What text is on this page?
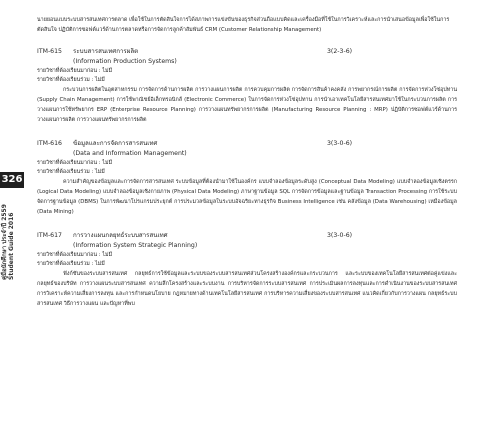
326
คู่มือนักศึกษา ประจำปี 2559 Student Guide 2016

นายยอนแบบระบบสารสนเทศการตลาด เพื่อใช้ในการตัดสินใจการได้สภาพการแข่งขันของธุรกิจส่วนถือแบบคิดและเครื่องมือที่ใช้ในการวิเคราะห์และการนำเสนอข้อมูลเพื่อใช้ในการตัดสินใจ ปฏิบัติการซอฟต์แวร์ด้านการตลาดหรือการจัดการลูกค้าสัมพันธ์ CRM (Customer Relationship Management)

ITM-615	ระบบสารสนเทศการผลิต	3(2-3-6)
(Information Production Systems)
รายวิชาที่ต้องเรียนมาก่อน : ไม่มี
รายวิชาที่ต้องเรียนร่วม : ไม่มี

กระบวนการผลิตในอุตสาหกรรม การจัดการด้านการผลิต การวางแผนการผลิต การควบคุมการผลิต การจัดการสินค้าคงคลัง การพยากรณ์การผลิต การจัดการห่วงโซ่อุปทาน (Supply Chain Management) การใช้พาณิชย์อิเล็กทรอนิกส์ (Electronic Commerce) ในการจัดการห่วงโซ่อุปทาน การนำเอาเทคโนโลยีสารสนเทศมาใช้ในกระบวนการผลิต การวางแผนการใช้ทรัพยากร ERP (Enterprise Resource Planning) การวางแผนทรัพยากรการผลิต (Manufacturing Resource Planning : MRP) ปฏิบัติการซอฟต์แวร์ด้านการวางแผนการผลิต การวางแผนทรัพยากรการผลิต

ITM-616	ข้อมูลและการจัดการสารสนเทศ	3(3-0-6)
(Data and Information Management)
รายวิชาที่ต้องเรียนมาก่อน : ไม่มี
รายวิชาที่ต้องเรียนร่วม : ไม่มี

ความสำคัญของข้อมูลและการจัดการสารสนเทศ ระบบข้อมูลที่ต้องนำมาใช้ในองค์กร แบบจำลองข้อมูลระดับสูง (Conceptual Data Modeling) แบบจำลองข้อมูลเชิงตรรก (Logical Data Modeling) แบบจำลองข้อมูลเชิงกายภาพ (Physical Data Modeling) ภาษาฐานข้อมูล SQL การจัดการข้อมูลและฐานข้อมูล Transaction Processing การใช้ระบบจัดการฐานข้อมูล (DBMS) ในการพัฒนาโปรแกรมประยุกต์ การประมวลข้อมูลในระบบอัจฉริยะทางธุรกิจ Business Intelligence เช่น คลังข้อมูล (Data Warehousing) เหมืองข้อมูล (Data Mining)

ITM-617	การวางแผนกลยุทธ์ระบบสารสนเทศ	3(3-0-6)
(Information System Strategic Planning)
รายวิชาที่ต้องเรียนมาก่อน : ไม่มี
รายวิชาที่ต้องเรียนร่วม : ไม่มี

ฟังก์ชันของระบบสารสนเทศ กลยุทธ์การใช้ข้อมูลและระบบของระบบสารสนเทศส่วนโครงสร้างองค์กรและกระบวนการ และระบบของเทคโนโลยีสารสนเทศต่อคู่แข่งและกลยุทธ์ของบริษัท การวางแผนระบบสารสนเทศ ความลึกโครงสร้างและระบบงาน การบริหารจัดการระบบสารสนเทศ การประเมินผลการลงทุนและการดำเนินงานของระบบสารสนเทศ การวิเคราะห์ความเสี่ยงการลงทุน และการกำหนดนโยบาย กฎหมายทางด้านเทคโนโลยีสารสนเทศ การบริหารความเสี่ยงของระบบสารสนเทศ แนวคิดเกี่ยวกับการวางแผน กลยุทธ์ระบบสารสนเทศ วิธีการวางแผน และปัญหาที่พบ
